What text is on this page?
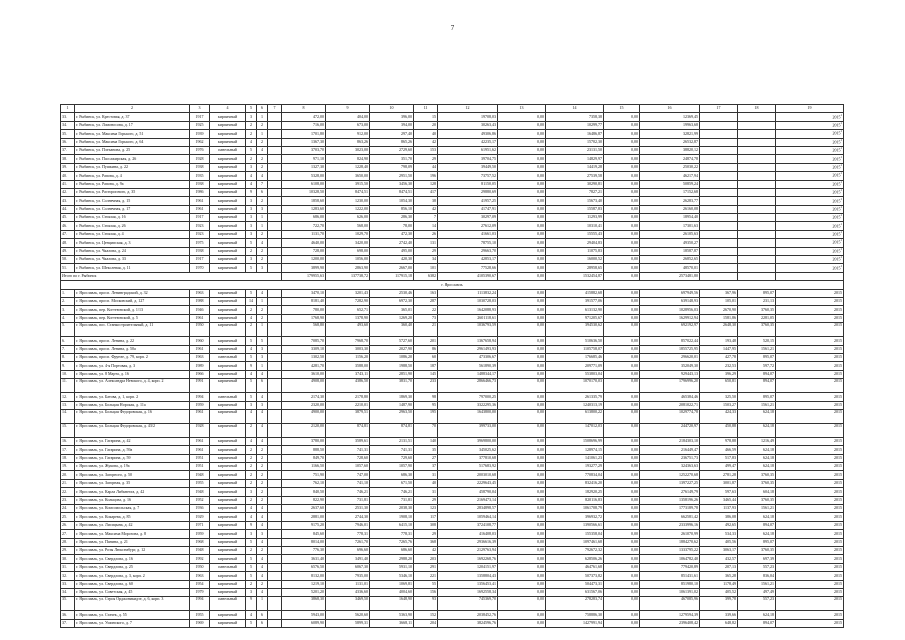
7
1	2	3	4	5	6	7	8	9	10	11	12	13	14	15	16	17	18	19
33.	г. Рыбинск, ул. Крестовая, д. 37	1917	кирпичный	3	1		472,00	404,00	396,00	15	19708,03	0,00	7358,38	0,00	12369,45			2015$^1$
34.	г. Рыбинск, ул. Ломоносова, д. 17	1925	кирпичный	2	2		716,00	673,00	394,00	20	30263,43	0,00	10299,77	0,00	19963,68			2015$^1$
35.	г. Рыбинск, ул. Максима Горького, д. 51	1939	кирпичный	2	1		1701,80	912,00	297,40	40	49306,86	0,00	16486,87	0,00	32821,99			2015$^1$
36.	г. Рыбинск, ул. Максима Горького, д. 64	1962	кирпичный	4	2		1367,30	863,26	865,26	42	42235,17	0,00	15702,30	0,00	26532,87			2015$^1$
37.	г. Рыбинск, ул. Плеханова, д. 25	1976	панельный	5	4		3703,70	3023,00	2729,60	153	61951,62	0,00	23131,50	0,00	38820,12			2015$^1$
38.	г. Рыбинск, ул. Пассажирская, д. 26	1928	кирпичный	2	2		971,10	824,90	351,70	29	39704,75	0,00	14829,97	0,00	24874,78			2015$^1$
39.	г. Рыбинск, ул. Пушкина, д. 22	1938	кирпичный	3	2		1327,30	1228,40	798,09	44	39449,50	0,00	14419,28	0,00	25030,22			2015$^1$
40.	г. Рыбинск, ул. Рапова, д. 4	1935	кирпичный	4	4		5328,00	3650,00	2951,50	196	73757,52	0,00	27539,58	0,00	46217,94			2015$^1$
41.	г. Рыбинск, ул. Рапова, д. 9а	1938	кирпичный	4	7		6108,00	3915,50	3456,30	128	81150,05	0,00	30290,81	0,00	50859,24			2015$^1$
42.	г. Рыбинск, ул. Расторопного, д. 35	1986	кирпичный	9	6		10328,50	8474,51	8474,51	417	29880,69	0,00	7827,21	0,00	17152,68			2015$^1$
43.	г. Рыбинск, ул. Солнечная, д. 15	1961	кирпичный	3	2		1858,60	1230,00	1054,30	38	41957,25	0,00	15673,40	0,00	26283,77			2015$^1$
44.	г. Рыбинск, ул. Солнечная, д. 17	1961	кирпичный	3	3		1283,60	1222,00	856,10	42	41747,91	0,00	15587,83	0,00	26160,08			2015$^1$
45.	г. Рыбинск, ул. Стоялая, д. 16	1917	кирпичный	3	1		686,00	626,00	286,30	7	30297,09	0,00	11293,99	0,00	18954,40			2015$^1$
46.	г. Рыбинск, ул. Стоялая, д. 26	1923	кирпичный	3	1		722,70	568,00	78,00	14	27612,09	0,00	10310,41	0,00	17301,63			2015$^1$
47.	г. Рыбинск, ул. Стоялая, д. 4	1923	кирпичный	3	2		1131,70	1029,70	472,30	26	41661,03	0,00	15555,43	0,00	26105,63			2015$^1$
48.	г. Рыбинск, ул. Ценципская, д. 3	1975	кирпичный	5	4		4640,00	3420,00	2742,40	131	78755,10	0,00	29404,83	0,00	49350,27			2015$^1$
49.	г. Рыбинск, ул. Чкалова, д. 24	1938	кирпичный	2	2		728,00	698,00	495,00	29	29663,70	0,00	11075,83	0,00	18587,87			2015$^1$
50.	г. Рыбинск, ул. Чкалова, д. 33	1917	кирпичный	3	2		1200,00	1056,00	420,30	34	42853,17	0,00	16000,52	0,00	26852,65			2015$^1$
51.	г. Рыбинск, ул. Шекслевая, д. 11	1970	кирпичный	5	3		3899,90	2863,90	2667,00	101	77528,66	0,00	28958,65	0,00	48570,01			2015$^1$
Итого по г. Рыбинск							179955,63	137738,72	117915,18	6382	4105390,67	0,00	1532454,87	0,00	2573481,80			
г. Ярославль																		
1.	г. Ярославль, просп. Ленинградский, д. 32	1963	кирпичный	5	4		3470,10	3201,43	2530,46	163	1113832,24	0,00	415882,68	0,00	697949,56	367,96	895,07	2015
2.	г. Ярославль, просп. Московский, д. 127	1988	кирпичный	14	1		8181,40	7282,90	6972,30	287	1030728,03	0,00	391577,06	0,00	639148,93	105,01	231,13	2015
3.	г. Ярославль, пер. Когтеюнский, д. 1/13	1946	кирпичный	2	2		780,00	652,71	365,01	22	1642088,93	0,00	613132,90	0,00	1028956,03	2670,90	3760,35	2015
4.	г. Ярославль, пер. Когтеюнский, д. 5	1961	кирпичный	4	2		1768,90	1378,90	1269,20	73	2601118,61	0,00	971205,67	0,00	1629912,94	1581,86	2281,05	2015
5.	г. Ярославль, пос. Станкостроительный, д. 11	1950	кирпичный	2	1		568,80	493,60	360,40	21	1036793,59	0,00	394530,62	0,00	692192,97	2648,30	3760,35	2015
6.	г. Ярославль, просп. Ленина, д. 22	1960	кирпичный	5	5		7085,70	7968,70	5727,60	201	1367658,94	0,00	510636,50	0,00	857022,44	193,48	520,15	2015
7.	г. Ярославль, просп. Ленина, д. 50а	1961	кирпичный	4	3		3309,10	3003,30	2027,90	86	2961493,93	0,00	1105758,07	0,00	1855725,95	1447,95	1561,21	2015
8.	г. Ярославль, просп. Фрунзе, д. 79, корп. 2	1963	панельный	5	3		1302,50	1156,20	1086,20	60	473306,67	0,00	176685,46	0,00	296620,01	427,78	895,07	2015
9.	г. Ярославль, ул. 4-я Портовая, д. 3	1989	кирпичный	9	1		4281,70	3588,00	1988,50	187	561890,39	0,00	209771,09	0,00	352049,30	232,53	597,72	2015
10.	г. Ярославль, ул. 8 Марта, д. 16	1966	кирпичный	4	4		3610,00	3743,11	2851,90	145	1488344,17	0,00	553803,04	0,00	929443,13	396,29	894,07	2015
11.	г. Ярославль, ул. Александра Невского, д. 4, корп. 2	1991	кирпичный	5	6		4908,00	4386,50	3831,70	233	2866466,73	0,00	1070170,03	0,00	1796996,20	650,81	894,07	2015
12.	г. Ярославль, ул. Батова, д. 1, корп. 2	1994	панельный	5	4		2174,30	2178,80	1869,30	98	797000,25	0,00	261335,79	0,00	465384,46	325,50	895,07	2015
13.	г. Ярославль, ул. Больцая Норская, д. 11а	1959	кирпичный	3	3		2320,00	2210,01	1487,90	95	3322295,36	0,00	1240313,19	0,00	2081022,71	1503,27	1561,21	2015
14.	г. Ярославль, ул. Больцая Федоровская, д. 16	1961	кирпичный	4	4		4900,00	3879,51	2963,50	195	1643800,00	0,00	613800,22	0,00	1029774,78	424,33	624,18	2015
15.	г. Ярославль, ул. Больцая Федоровская, д. 43/2	1928	кирпичный	2	4		2120,00	874,81	874,81	70	399733,00	0,00	147012,03	0,00	244720,97	450,88	624,18	2015
16.	г. Ярославль, ул. Гагарина, д. 42	1961	кирпичный	4	4		3780,00	3589,61	2131,51	140	3969800,00	0,00	1508696,99	0,00	2184303,10	978,88	1216,49	2015
17.	г. Ярославль, ул. Гагарина, д. 59а	1961	кирпичный	2	2		888,50	741,31	741,31	35	345025,62	0,00	128974,15	0,00	216449,47	466,59	624,18	2015
18.	г. Ярославль, ул. Гагарина, д. 59	1951	кирпичный	2	2		849,70	728,60	729,60	27	377810,68	0,00	141061,23	0,00	236751,73	517,83	624,18	2015
19.	г. Ярославль, ул. Жукова, д. 19а	1951	кирпичный	2	2		1166,50	1057,60	1057,90	37	517683,92	0,00	193277,29	0,00	324363,63	499,47	624,18	2015
20.	г. Ярославль, ул. Загорного, д. 50	1948	кирпичный	2	2		751,90	747,00	686,30	31	2003010,68	0,00	770834,04	0,00	1252270,68	2781,28	3760,35	2015
21.	г. Ярославль, ул. Загорная, д. 35	1955	кирпичный	2	2		762,10	741,10	671,50	40	2229643,45	0,00	832416,20	0,00	1397227,25	3001,87	3760,35	2015
22.	г. Ярославль, ул. Карла Либкнехта, д. 42	1948	кирпичный	3	2		840,50	746,21	746,21	31	458790,04	0,00	182920,25	0,00	276149,79	597,63	604,18	2015
23.	г. Ярославль, ул. Кольцова, д. 16	1952	кирпичный	2	2		822,90	731,81	731,81	29	2169473,14	0,00	820116,83	0,00	1358196,26	3465,44	3760,35	2015
24.	г. Ярославль, ул. Комсомольская, д. 7	1936	кирпичный	4	4		2637,60	2531,30	2038,30	123	2834898,57	0,00	1061708,79	0,00	1773189,78	1137,93	1561,21	2015
25.	г. Ярославль, ул. Кокарева, д. 85	1929	кирпичный	4	4		2881,00	2744,30	1908,10	117	1059464,14	0,00	396932,72	0,00	662581,42	386,08	624,18	2015
26.	г. Ярославль, ул. Лисицына, д. 42	1971	кирпичный	9	4		9175,20	7946,01	6415,10	308	3724108,77	0,00	1390566,61	0,00	2333996,16	492,65	894,07	2015
27.	г. Ярославль, ул. Максима Морозова, д. 8	1959	кирпичный	3	3		845,60	778,31	778,31	29	416408,03	0,00	155358,04	0,00	261070,99	534,33	624,18	2015
28.	г. Ярославль, ул. Панина, д. 21	1968	кирпичный	5	4		8014,00	7261,70	7265,76	368	2936616,39	0,00	1097461,68	0,00	1884270,62	405,56	895,07	2015
29.	г. Ярославль, ул. Розы Люксембург, д. 12	1948	кирпичный	2	2		776,30	696,60	686,60	42	2129763,94	0,00	792672,32	0,00	1333795,22	3063,17	3760,35	2015
30.	г. Ярославль, ул. Свердлова, д. 16	1992	кирпичный	5	4		3631,40	3491,40	2988,20	203	1692268,76	0,00	628506,26	0,00	1064782,40	432,57	697,39	2015
31.	г. Ярославль, ул. Свердлова, д. 25	1950	панельный	5	4		6576,50	6067,30	5931,10	291	1204151,97	0,00	464761,68	0,00	779420,89	207,13	557,23	2015
32.	г. Ярославль, ул. Свердлова, д. 3, корп. 2	1963	кирпичный	5	4		8132,00	7935,00	5346,10	221	1358804,43	0,00	507373,82	0,00	851431,61	365,28	836,04	2015
33.	г. Ярославль, ул. Свердлова, д. 60	1954	кирпичный	2	2		1219,10	1131,01	1069,81	55	1356453,41	0,00	504473,31	0,00	851980,10	1178,49	1561,21	2015
34.	г. Ярославль, ул. Советская, д. 45	1979	кирпичный	3	4		5201,20	4336,60	4004,60	156	1692558,34	0,00	631567,06	0,00	1061391,02	405,52	497,49	2015
35.	г. Ярославль, ул. Строя Орджоникидзе, д. 6, корп. 3	1994	панельный	9	1		3868,30	3469,50	1648,90	93	745369,70	0,00	278283,74	0,00	467085,96	399,78	557,23	2015
36.	г. Ярославль, ул. Стачек, д. 55	1955	кирпичный	4	6		5943,00	5620,60	5363,90	152	2038452,76	0,00	758886,30	0,00	1279594,39	339,66	624,18	2015
37.	г. Ярославль, ул. Ушинского, д. 7	1969	кирпичный	5	6		6089,90	5899,31	3668,11	204	3824596,76	0,00	1427991,94	0,00	2396408,42	648,82	894,07	2015
